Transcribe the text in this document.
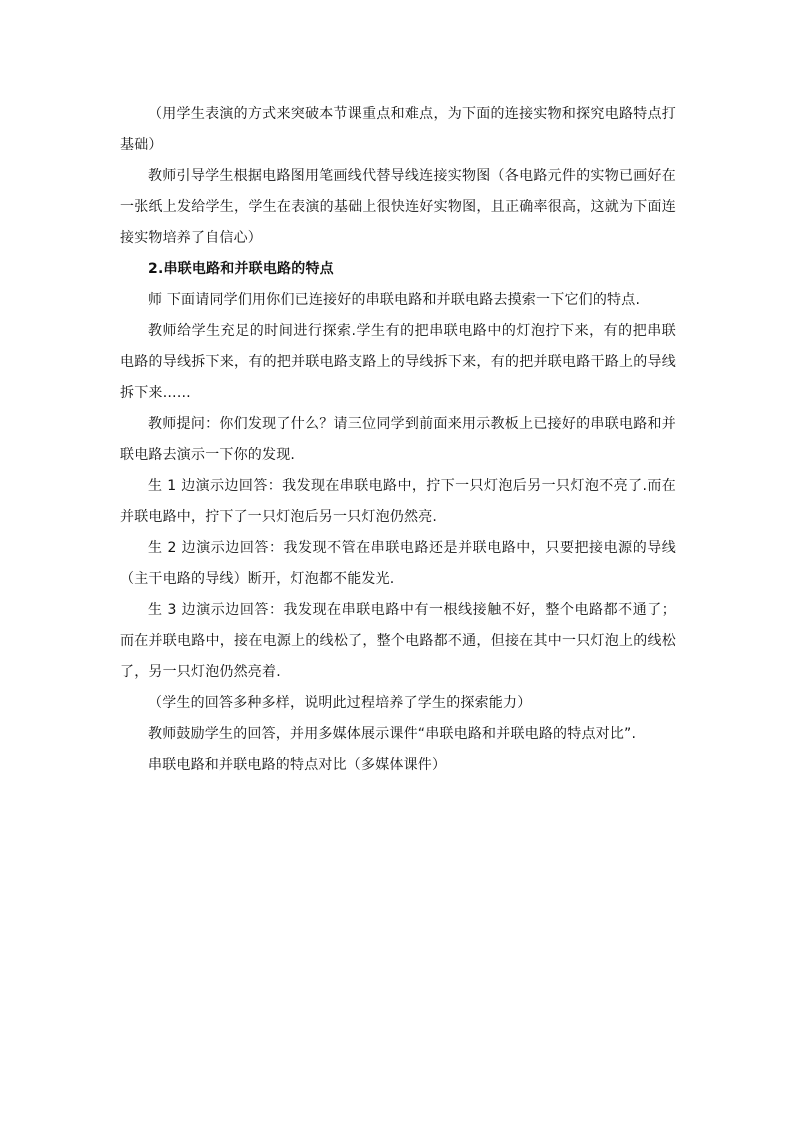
（用学生表演的方式来突破本节课重点和难点，为下面的连接实物和探究电路特点打基础）

教师引导学生根据电路图用笔画线代替导线连接实物图（各电路元件的实物已画好在一张纸上发给学生，学生在表演的基础上很快连好实物图，且正确率很高，这就为下面连接实物培养了自信心）

2.串联电路和并联电路的特点

师 下面请同学们用你们已连接好的串联电路和并联电路去摸索一下它们的特点.

教师给学生充足的时间进行探索.学生有的把串联电路中的灯泡拧下来，有的把串联电路的导线拆下来，有的把并联电路支路上的导线拆下来，有的把并联电路干路上的导线拆下来……

教师提问：你们发现了什么？请三位同学到前面来用示教板上已接好的串联电路和并联电路去演示一下你的发现.

生 1 边演示边回答：我发现在串联电路中，拧下一只灯泡后另一只灯泡不亮了.而在并联电路中，拧下了一只灯泡后另一只灯泡仍然亮.

生 2 边演示边回答：我发现不管在串联电路还是并联电路中，只要把接电源的导线（主干电路的导线）断开，灯泡都不能发光.

生 3 边演示边回答：我发现在串联电路中有一根线接触不好，整个电路都不通了；而在并联电路中，接在电源上的线松了，整个电路都不通，但接在其中一只灯泡上的线松了，另一只灯泡仍然亮着.

（学生的回答多种多样，说明此过程培养了学生的探索能力）

教师鼓励学生的回答，并用多媒体展示课件“串联电路和并联电路的特点对比”.

串联电路和并联电路的特点对比（多媒体课件）
